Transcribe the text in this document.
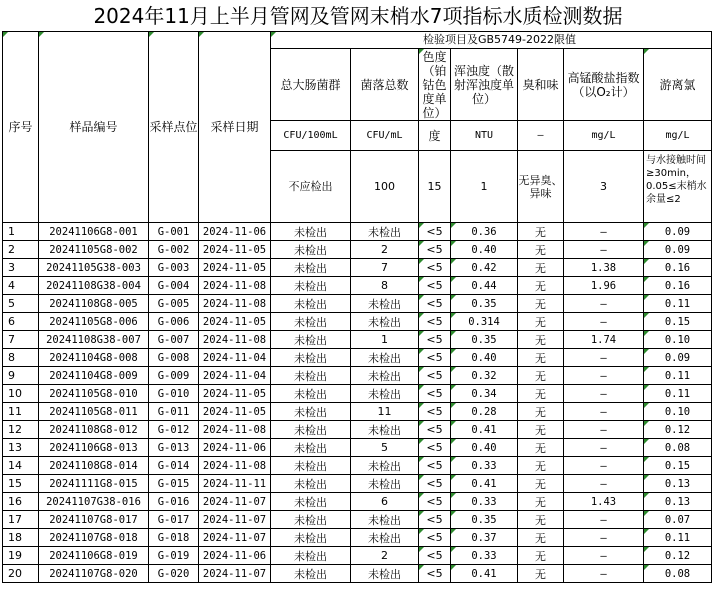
2024年11月上半月管网及管网末梢水7项指标水质检测数据
序号	样品编号	采样点位	采样日期	检验项目及GB5749-2022限值						
				总大肠菌群	菌落总数	色度（铂钴色度单位）	浑浊度（散射浑浊度单位）	臭和味	高锰酸盐指数（以O₂计）	游离氯
				CFU/100mL	CFU/mL	度	NTU	—	mg/L	mg/L
				不应检出	100	15	1	无异臭、异味	3	与水接触时间≥30min，0.05≤末梢水余量≤2
1	20241106G8-001	G-001	2024-11-06	未检出	未检出	<5	0.36	无	—	0.09
2	20241105G8-002	G-002	2024-11-05	未检出	2	<5	0.40	无	—	0.09
3	20241105G38-003	G-003	2024-11-05	未检出	7	<5	0.42	无	1.38	0.16
4	20241108G38-004	G-004	2024-11-08	未检出	8	<5	0.44	无	1.96	0.16
5	20241108G8-005	G-005	2024-11-08	未检出	未检出	<5	0.35	无	—	0.11
6	20241105G8-006	G-006	2024-11-05	未检出	未检出	<5	0.314	无	—	0.15
7	20241108G38-007	G-007	2024-11-08	未检出	1	<5	0.35	无	1.74	0.10
8	20241104G8-008	G-008	2024-11-04	未检出	未检出	<5	0.40	无	—	0.09
9	20241104G8-009	G-009	2024-11-04	未检出	未检出	<5	0.32	无	—	0.11
10	20241105G8-010	G-010	2024-11-05	未检出	未检出	<5	0.34	无	—	0.11
11	20241105G8-011	G-011	2024-11-05	未检出	11	<5	0.28	无	—	0.10
12	20241108G8-012	G-012	2024-11-08	未检出	未检出	<5	0.41	无	—	0.12
13	20241106G8-013	G-013	2024-11-06	未检出	5	<5	0.40	无	—	0.08
14	20241108G8-014	G-014	2024-11-08	未检出	未检出	<5	0.33	无	—	0.15
15	20241111G8-015	G-015	2024-11-11	未检出	未检出	<5	0.41	无	—	0.13
16	20241107G38-016	G-016	2024-11-07	未检出	6	<5	0.33	无	1.43	0.13
17	20241107G8-017	G-017	2024-11-07	未检出	未检出	<5	0.35	无	—	0.07
18	20241107G8-018	G-018	2024-11-07	未检出	未检出	<5	0.37	无	—	0.11
19	20241106G8-019	G-019	2024-11-06	未检出	2	<5	0.33	无	—	0.12
20	20241107G8-020	G-020	2024-11-07	未检出	未检出	<5	0.41	无	—	0.08
